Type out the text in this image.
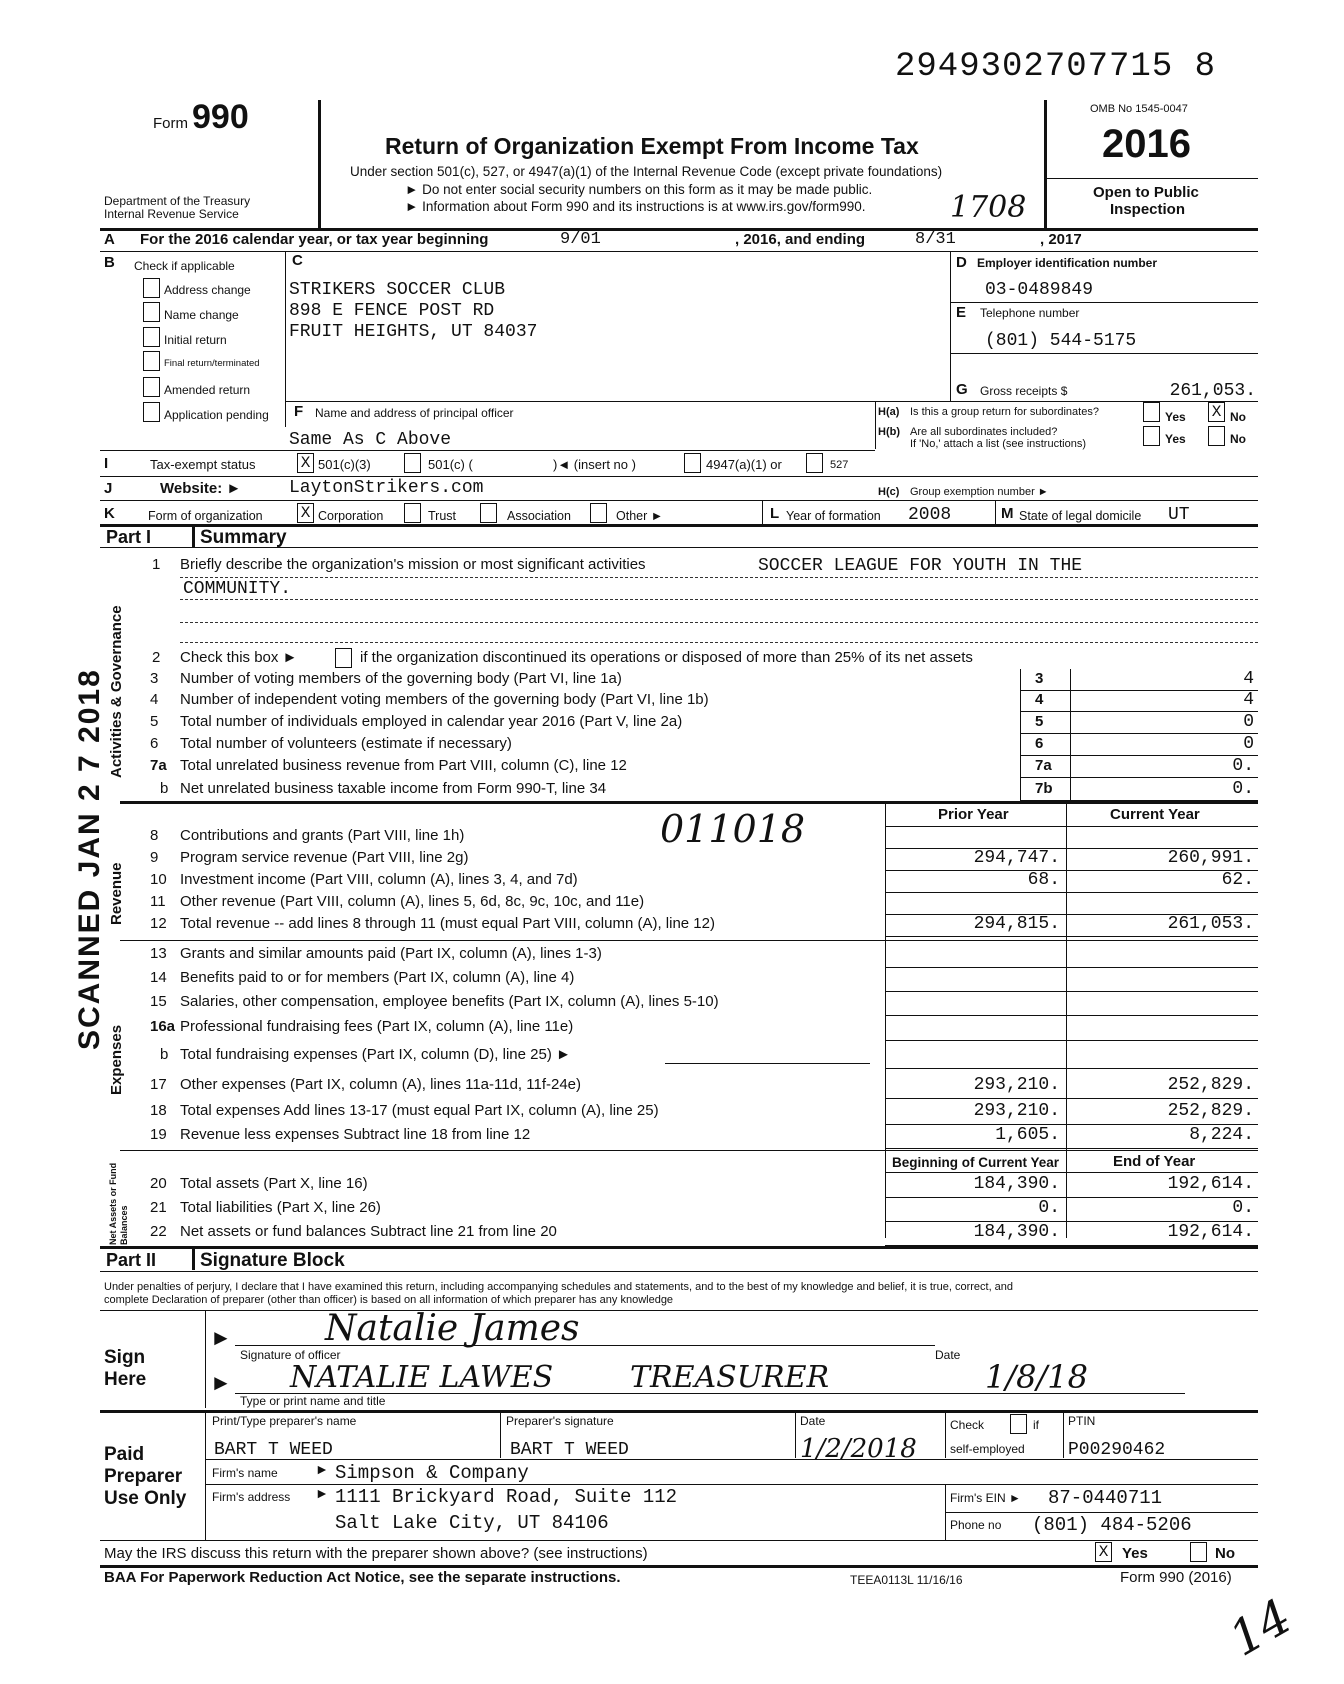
2949302707715 8
Form 990
Department of the Treasury
Internal Revenue Service
Return of Organization Exempt From Income Tax
Under section 501(c), 527, or 4947(a)(1) of the Internal Revenue Code (except private foundations)
► Do not enter social security numbers on this form as it may be made public.
► Information about Form 990 and its instructions is at www.irs.gov/form990.	1708
OMB No 1545-0047
2016
Open to Public
Inspection
A For the 2016 calendar year, or tax year beginning	9/01	, 2016, and ending	8/31	, 2017
B Check if applicable
Address change
Name change
Initial return
Final return/terminated
Amended return
Application pending
C
STRIKERS SOCCER CLUB
898 E FENCE POST RD
FRUIT HEIGHTS, UT 84037
D Employer identification number
03-0489849
E Telephone number
(801) 544-5175
G Gross receipts $	261,053.
F Name and address of principal officer
Same As C Above
H(a) Is this a group return for subordinates?	Yes X No
H(b) Are all subordinates included?
If 'No,' attach a list (see instructions)	Yes	No
I	Tax-exempt status	X 501(c)(3)	501(c) (	)◄ (insert no )	4947(a)(1) or	527
J	Website: ►	LaytonStrikers.com	H(c) Group exemption number ►
K	Form of organization X Corporation	Trust	Association	Other ►	L Year of formation 2008	M State of legal domicile UT
Part I	Summary
Activities & Governance
Revenue
Expenses
Net Assets or Fund Balances
SCANNED JAN 2 7 2018
1 Briefly describe the organization's mission or most significant activities	SOCCER LEAGUE FOR YOUTH IN THE
COMMUNITY.
2 Check this box ►	if the organization discontinued its operations or disposed of more than 25% of its net assets
3 Number of voting members of the governing body (Part VI, line 1a)	3	4
4 Number of independent voting members of the governing body (Part VI, line 1b)	4	4
5 Total number of individuals employed in calendar year 2016 (Part V, line 2a)	5	0
6 Total number of volunteers (estimate if necessary)	6	0
7a Total unrelated business revenue from Part VIII, column (C), line 12	7a	0.
b Net unrelated business taxable income from Form 990-T, line 34	7b	0.
Prior Year	Current Year
011018
8 Contributions and grants (Part VIII, line 1h)
9 Program service revenue (Part VIII, line 2g)	294,747.	260,991.
10 Investment income (Part VIII, column (A), lines 3, 4, and 7d)	68.	62.
11 Other revenue (Part VIII, column (A), lines 5, 6d, 8c, 9c, 10c, and 11e)
12 Total revenue -- add lines 8 through 11 (must equal Part VIII, column (A), line 12)	294,815.	261,053.
13 Grants and similar amounts paid (Part IX, column (A), lines 1-3)
14 Benefits paid to or for members (Part IX, column (A), line 4)
15 Salaries, other compensation, employee benefits (Part IX, column (A), lines 5-10)
16a Professional fundraising fees (Part IX, column (A), line 11e)
b Total fundraising expenses (Part IX, column (D), line 25) ►
17 Other expenses (Part IX, column (A), lines 11a-11d, 11f-24e)	293,210.	252,829.
18 Total expenses Add lines 13-17 (must equal Part IX, column (A), line 25)	293,210.	252,829.
19 Revenue less expenses Subtract line 18 from line 12	1,605.	8,224.
Beginning of Current Year	End of Year
20 Total assets (Part X, line 16)	184,390.	192,614.
21 Total liabilities (Part X, line 26)	0.	0.
22 Net assets or fund balances Subtract line 21 from line 20	184,390.	192,614.
Part II Signature Block
Under penalties of perjury, I declare that I have examined this return, including accompanying schedules and statements, and to the best of my knowledge and belief, it is true, correct, and
complete Declaration of preparer (other than officer) is based on all information of which preparer has any knowledge
Sign
Here
►
►
Natalie James
Signature of officer	Date
NATALIE LAWES	TREASURER	1/8/18
Type or print name and title
Paid
Preparer
Use Only
Print/Type preparer's name
BART T WEED
Preparer's signature
BART T WEED
Date
1/2/2018
Check	if
self-employed
PTIN
P00290462
Firm's name	► Simpson & Company
Firm's address ► 1111 Brickyard Road, Suite 112
Salt Lake City, UT 84106
Firm's EIN ► 87-0440711
Phone no (801) 484-5206
May the IRS discuss this return with the preparer shown above? (see instructions)	X Yes	No
BAA For Paperwork Reduction Act Notice, see the separate instructions.	TEEA0113L 11/16/16	Form 990 (2016)
14
